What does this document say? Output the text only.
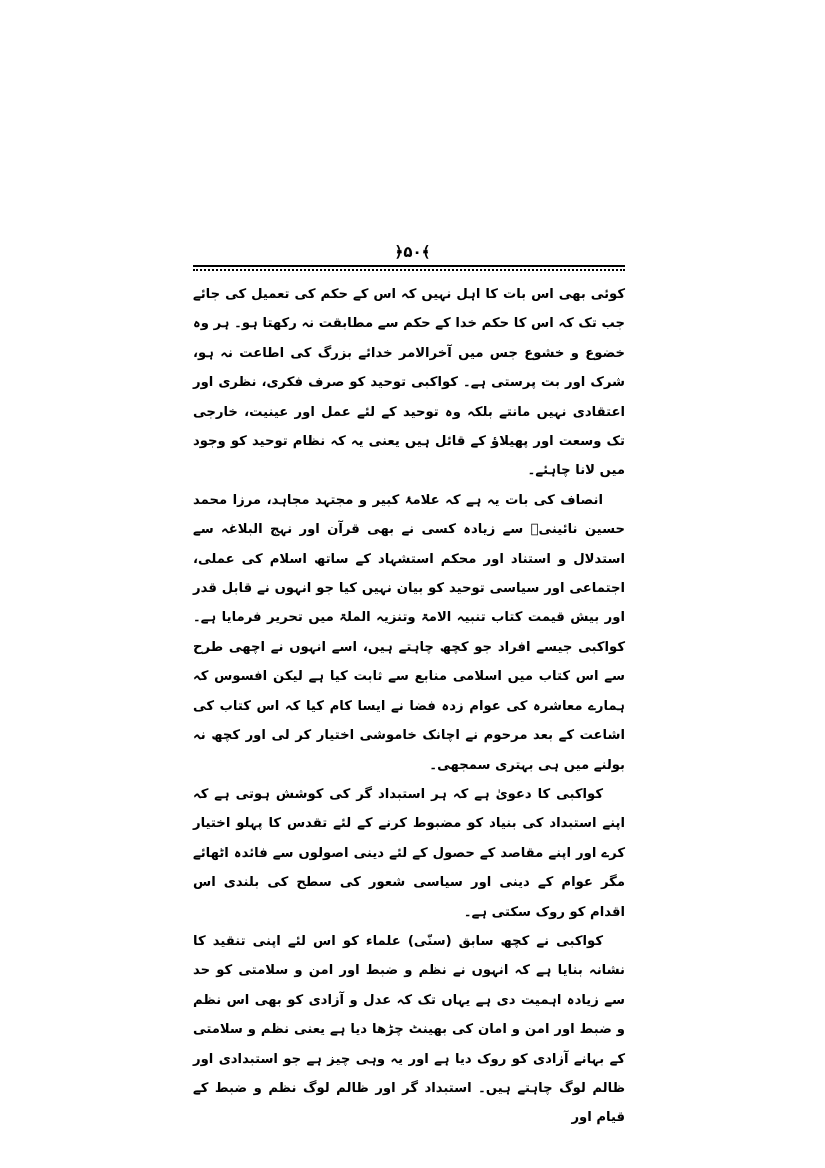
﴿۵۰﴾

کوئی بھی اس بات کا اہل نہیں کہ اس کے حکم کی تعمیل کی جائے جب تک کہ اس کا حکم خدا کے حکم سے مطابقت نہ رکھتا ہو۔ ہر وہ خضوع و خشوع جس میں آخرالامر خدائے بزرگ کی اطاعت نہ ہو، شرک اور بت پرستی ہے۔ کواکبی توحید کو صرف فکری، نظری اور اعتقادی نہیں مانتے بلکہ وہ توحید کے لئے عمل اور عینیت، خارجی تک وسعت اور پھیلاؤ کے قائل ہیں یعنی یہ کہ نظام توحید کو وجود میں لانا چاہئے۔

انصاف کی بات یہ ہے کہ علامۂ کبیر و مجتہد مجاہد، مرزا محمد حسین نائینیؒ سے زیادہ کسی نے بھی قرآن اور نہج البلاغہ سے استدلال و استناد اور محکم استشہاد کے ساتھ اسلام کی عملی، اجتماعی اور سیاسی توحید کو بیان نہیں کیا جو انہوں نے قابل قدر اور بیش قیمت کتاب تنبیہ الامۃ وتنزیہ الملۃ میں تحریر فرمایا ہے۔ کواکبی جیسے افراد جو کچھ چاہتے ہیں، اسے انہوں نے اچھی طرح سے اس کتاب میں اسلامی منابع سے ثابت کیا ہے لیکن افسوس کہ ہمارے معاشرہ کی عوام زدہ فضا نے ایسا کام کیا کہ اس کتاب کی اشاعت کے بعد مرحوم نے اچانک خاموشی اختیار کر لی اور کچھ نہ بولنے میں ہی بہتری سمجھی۔

کواکبی کا دعویٰ ہے کہ ہر استبداد گر کی کوشش ہوتی ہے کہ اپنے استبداد کی بنیاد کو مضبوط کرنے کے لئے تقدس کا پہلو اختیار کرے اور اپنے مقاصد کے حصول کے لئے دینی اصولوں سے فائدہ اٹھائے مگر عوام کے دینی اور سیاسی شعور کی سطح کی بلندی اس اقدام کو روک سکتی ہے۔

کواکبی نے کچھ سابق (سنّی) علماء کو اس لئے اپنی تنقید کا نشانہ بنایا ہے کہ انہوں نے نظم و ضبط اور امن و سلامتی کو حد سے زیادہ اہمیت دی ہے یہاں تک کہ عدل و آزادی کو بھی اس نظم و ضبط اور امن و امان کی بھینٹ چڑھا دیا ہے یعنی نظم و سلامتی کے بہانے آزادی کو روک دیا ہے اور یہ وہی چیز ہے جو استبدادی اور ظالم لوگ چاہتے ہیں۔ استبداد گر اور ظالم لوگ نظم و ضبط کے قیام اور
